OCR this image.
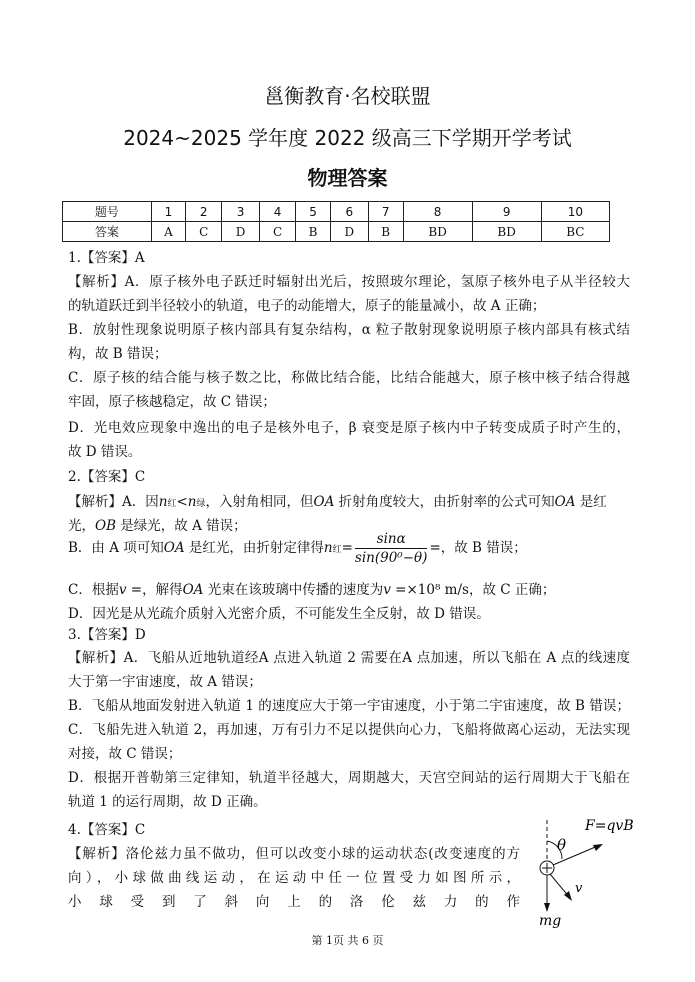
邕衡教育·名校联盟
2024~2025 学年度 2022 级高三下学期开学考试
物理答案
题号	1	2	3	4	5	6	7	8	9	10
答案	A	C	D	C	B	D	B	BD	BD	BC
1.【答案】A
【解析】A．原子核外电子跃迁时辐射出光后，按照玻尔理论，氢原子核外电子从半径较大
的轨道跃迁到半径较小的轨道，电子的动能增大，原子的能量减小，故 A 正确；
B．放射性现象说明原子核内部具有复杂结构，α 粒子散射现象说明原子核内部具有核式结
构，故 B 错误；
C．原子核的结合能与核子数之比，称做比结合能，比结合能越大，原子核中核子结合得越
牢固，原子核越稳定，故 C 错误；
D．光电效应现象中逸出的电子是核外电子，β 衰变是原子核内中子转变成质子时产生的，
故 D 错误。
2.【答案】C
【解析】A．因n红<n绿，入射角相同，但OA 折射角度较大，由折射率的公式可知OA 是红
光，OB 是绿光，故 A 错误；
B．由 A 项可知OA 是红光，由折射定律得n红= $\frac{\sin\alpha}{\text{sin(90⁰−θ)}}$ =，故 B 错误；
C．根据v =，解得OA 光束在该玻璃中传播的速度为v =×10⁸ m/s，故 C 正确；
D．因光是从光疏介质射入光密介质，不可能发生全反射，故 D 错误。
3.【答案】D
【解析】A．飞船从近地轨道经A 点进入轨道 2 需要在A 点加速，所以飞船在 A 点的线速度
大于第一宇宙速度，故 A 错误；
B．飞船从地面发射进入轨道 1 的速度应大于第一宇宙速度，小于第二宇宙速度，故 B 错误；
C．飞船先进入轨道 2，再加速，万有引力不足以提供向心力，飞船将做离心运动，无法实现
对接，故 C 错误；
D．根据开普勒第三定律知，轨道半径越大，周期越大，天宫空间站的运行周期大于飞船在
轨道 1 的运行周期，故 D 正确。
4.【答案】C
【解析】洛伦兹力虽不做功，但可以改变小球的运动状态(改变速度的方
向），小球做曲线运动，在运动中任一位置受力如图所示，
小球受到了斜向上的洛伦兹力的作
F=qvB
θ
v
mg
第 1页 共 6 页
